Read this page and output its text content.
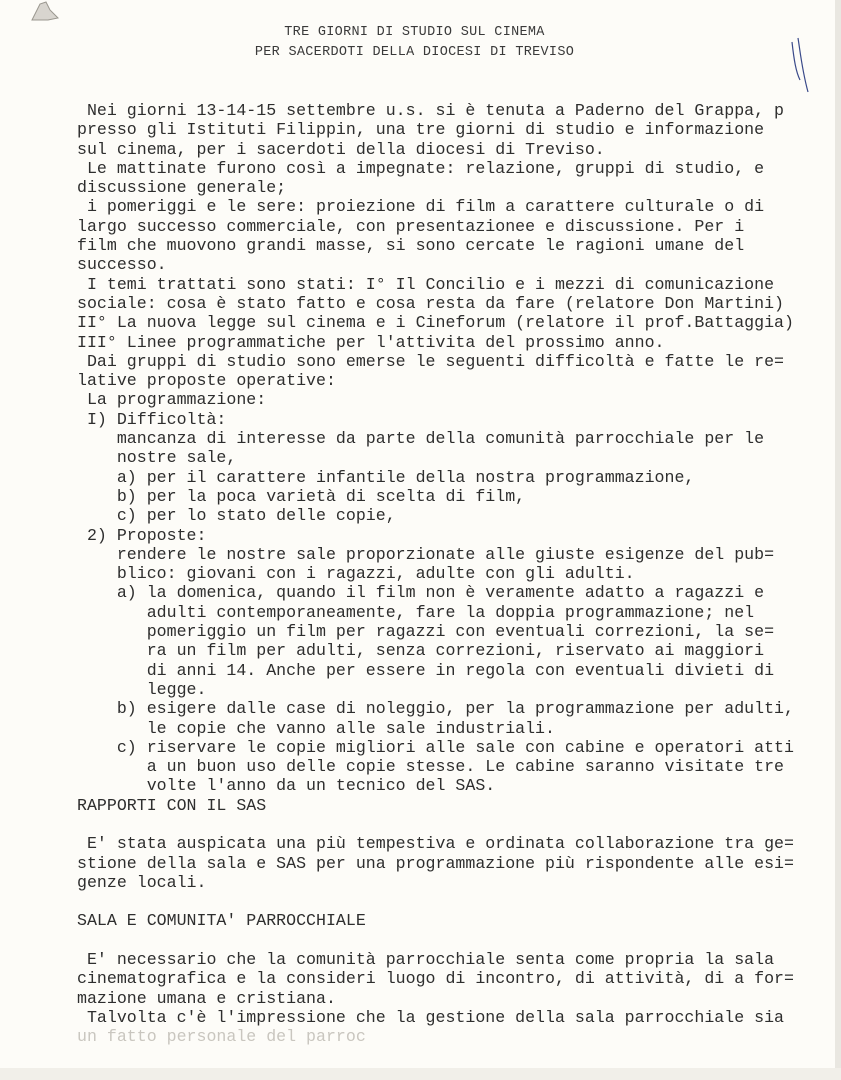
TRE GIORNI DI STUDIO SUL CINEMA
PER SACERDOTI DELLA DIOCESI DI TREVISO
Nei giorni 13-14-15 settembre u.s. si è tenuta a Paderno del Grappa, p
presso gli Istituti Filippin, una tre giorni di studio e informazione
sul cinema, per i sacerdoti della diocesi di Treviso.
Le mattinate furono così a impegnate: relazione, gruppi di studio, e
discussione generale;
i pomeriggi e le sere: proiezione di film a carattere culturale o di
largo successo commerciale, con presentazionee e discussione. Per i
film che muovono grandi masse, si sono cercate le ragioni umane del
successo.
I temi trattati sono stati: I° Il Concilio e i mezzi di comunicazione
sociale: cosa è stato fatto e cosa resta da fare (relatore Don Martini)
II° La nuova legge sul cinema e i Cineforum (relatore il prof.Battaggia)
III° Linee programmatiche per l'attivita del prossimo anno.
Dai gruppi di studio sono emerse le seguenti difficoltà e fatte le re=
lative proposte operative:
La programmazione:
I) Difficoltà:
mancanza di interesse da parte della comunità parrocchiale per le
nostre sale,
a) per il carattere infantile della nostra programmazione,
b) per la poca varietà di scelta di film,
c) per lo stato delle copie,
2) Proposte:
rendere le nostre sale proporzionate alle giuste esigenze del pub=
blico: giovani con i ragazzi, adulte con gli adulti.
a) la domenica, quando il film non è veramente adatto a ragazzi e
adulti contemporaneamente, fare la doppia programmazione; nel
pomeriggio un film per ragazzi con eventuali correzioni, la se=
ra un film per adulti, senza correzioni, riservato ai maggiori
di anni 14. Anche per essere in regola con eventuali divieti di
legge.
b) esigere dalle case di noleggio, per la programmazione per adulti,
le copie che vanno alle sale industriali.
c) riservare le copie migliori alle sale con cabine e operatori atti
a un buon uso delle copie stesse. Le cabine saranno visitate tre
volte l'anno da un tecnico del SAS.
RAPPORTI CON IL SAS
E' stata auspicata una più tempestiva e ordinata collaborazione tra ge=
stione della sala e SAS per una programmazione più rispondente alle esi=
genze locali.
SALA E COMUNITA' PARROCCHIALE
E' necessario che la comunità parrocchiale senta come propria la sala
cinematografica e la consideri luogo di incontro, di attività, di a for=
mazione umana e cristiana.
Talvolta c'è l'impressione che la gestione della sala parrocchiale sia
un fatto personale del parroc
